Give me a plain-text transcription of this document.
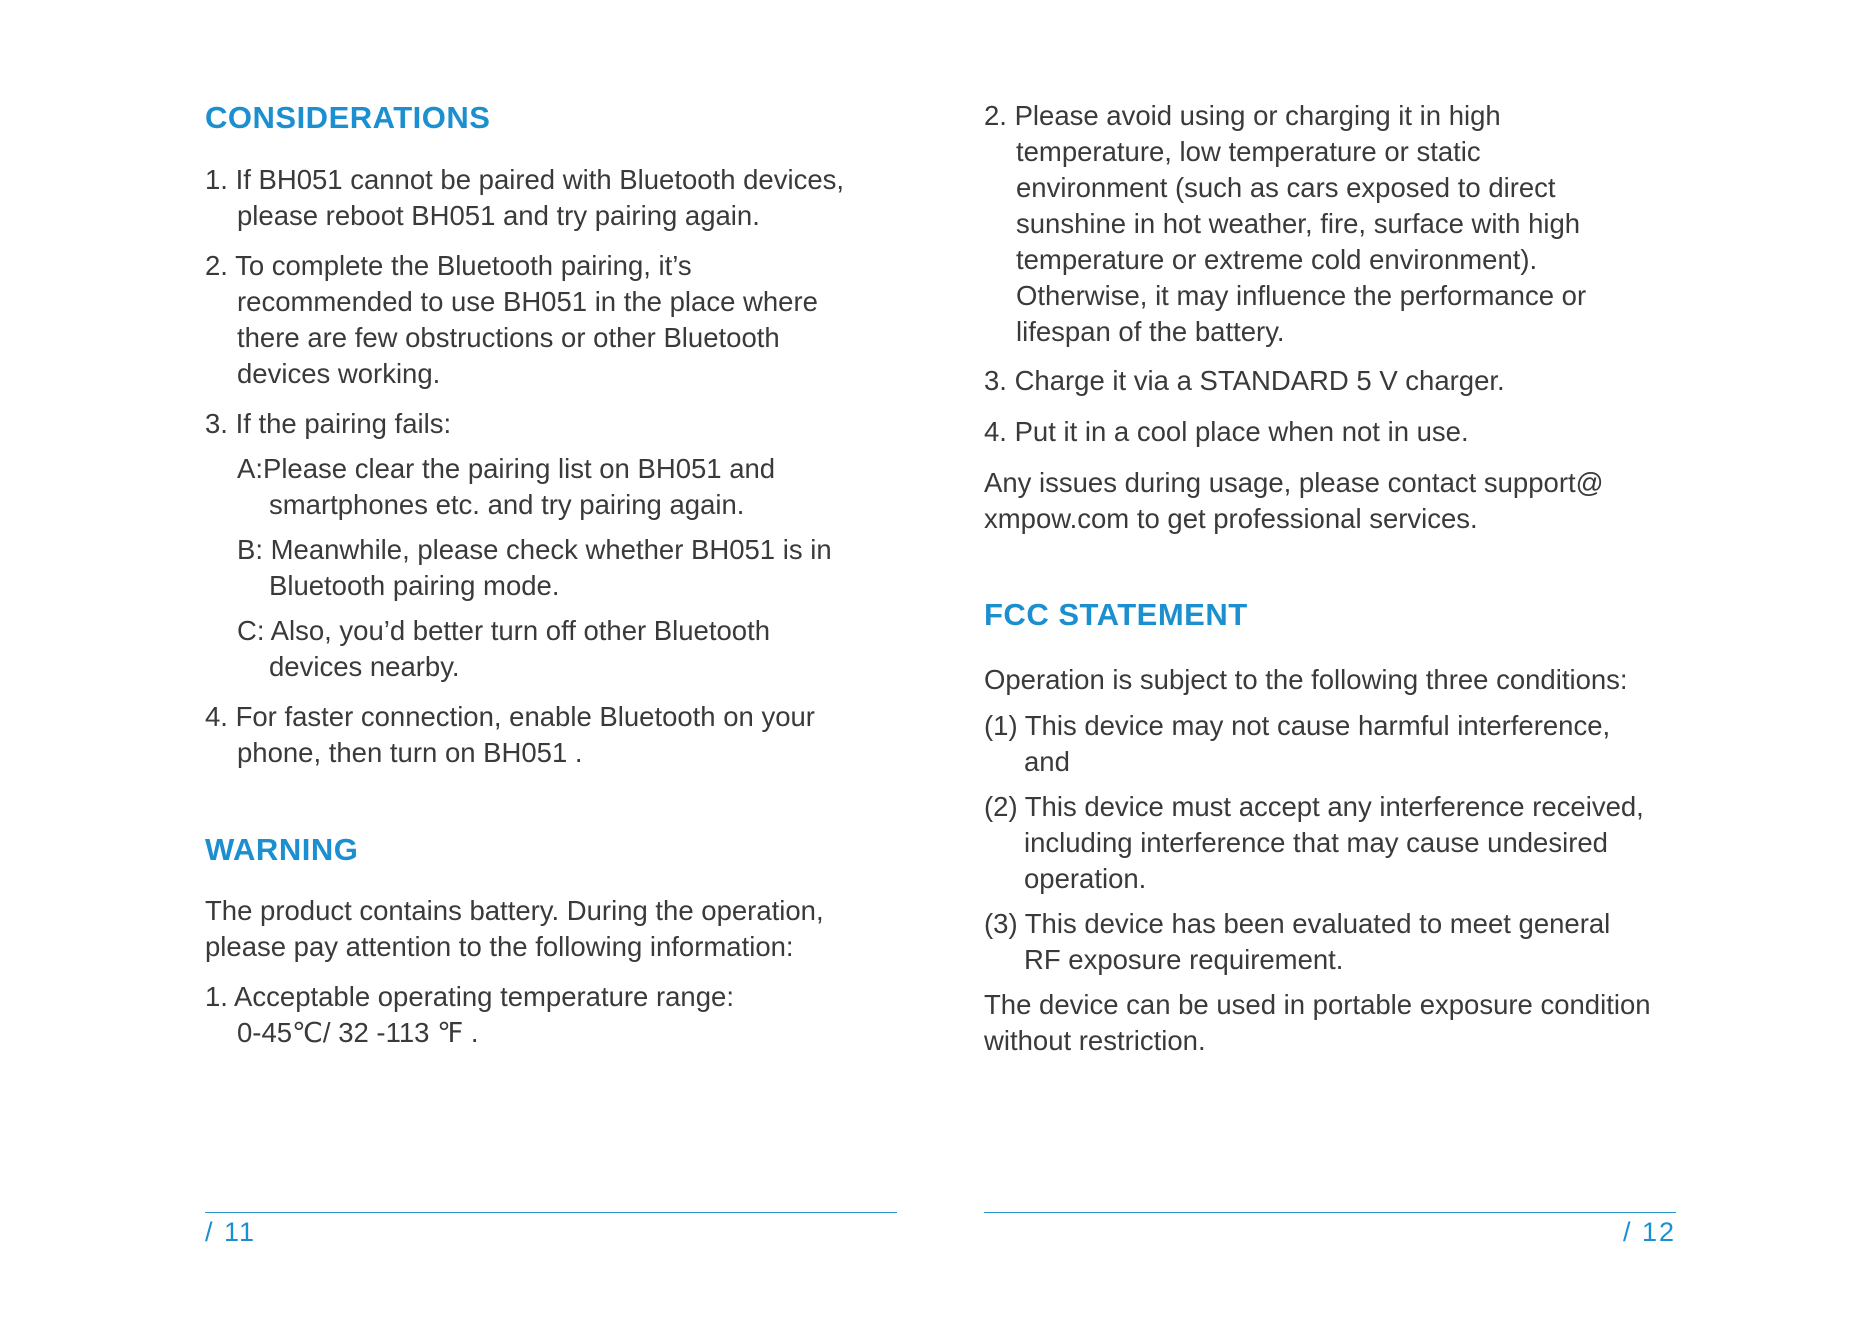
CONSIDERATIONS

1. If BH051 cannot be paired with Bluetooth devices,
please reboot BH051 and try pairing again.

2. To complete the Bluetooth pairing, it’s
recommended to use BH051 in the place where
there are few obstructions or other Bluetooth
devices working.

3. If the pairing fails:

A:Please clear the pairing list on BH051 and
smartphones etc. and try pairing again.

B: Meanwhile, please check whether BH051 is in
Bluetooth pairing mode.

C: Also, you’d better turn off other Bluetooth
devices nearby.

4. For faster connection, enable Bluetooth on your
phone, then turn on BH051 .

WARNING

The product contains battery. During the operation,
please pay attention to the following information:

1. Acceptable operating temperature range:
0-45℃/ 32 -113 ℉ .

/ 11

2. Please avoid using or charging it in high
temperature, low temperature or static
environment (such as cars exposed to direct
sunshine in hot weather, fire, surface with high
temperature or extreme cold environment).
Otherwise, it may influence the performance or
lifespan of the battery.

3. Charge it via a STANDARD 5 V charger.

4. Put it in a cool place when not in use.

Any issues during usage, please contact support@
xmpow.com to get professional services.

FCC STATEMENT

Operation is subject to the following three conditions:

(1) This device may not cause harmful interference,
and

(2) This device must accept any interference received,
including interference that may cause undesired
operation.

(3) This device has been evaluated to meet general
RF exposure requirement.

The device can be used in portable exposure condition
without restriction.

/ 12
